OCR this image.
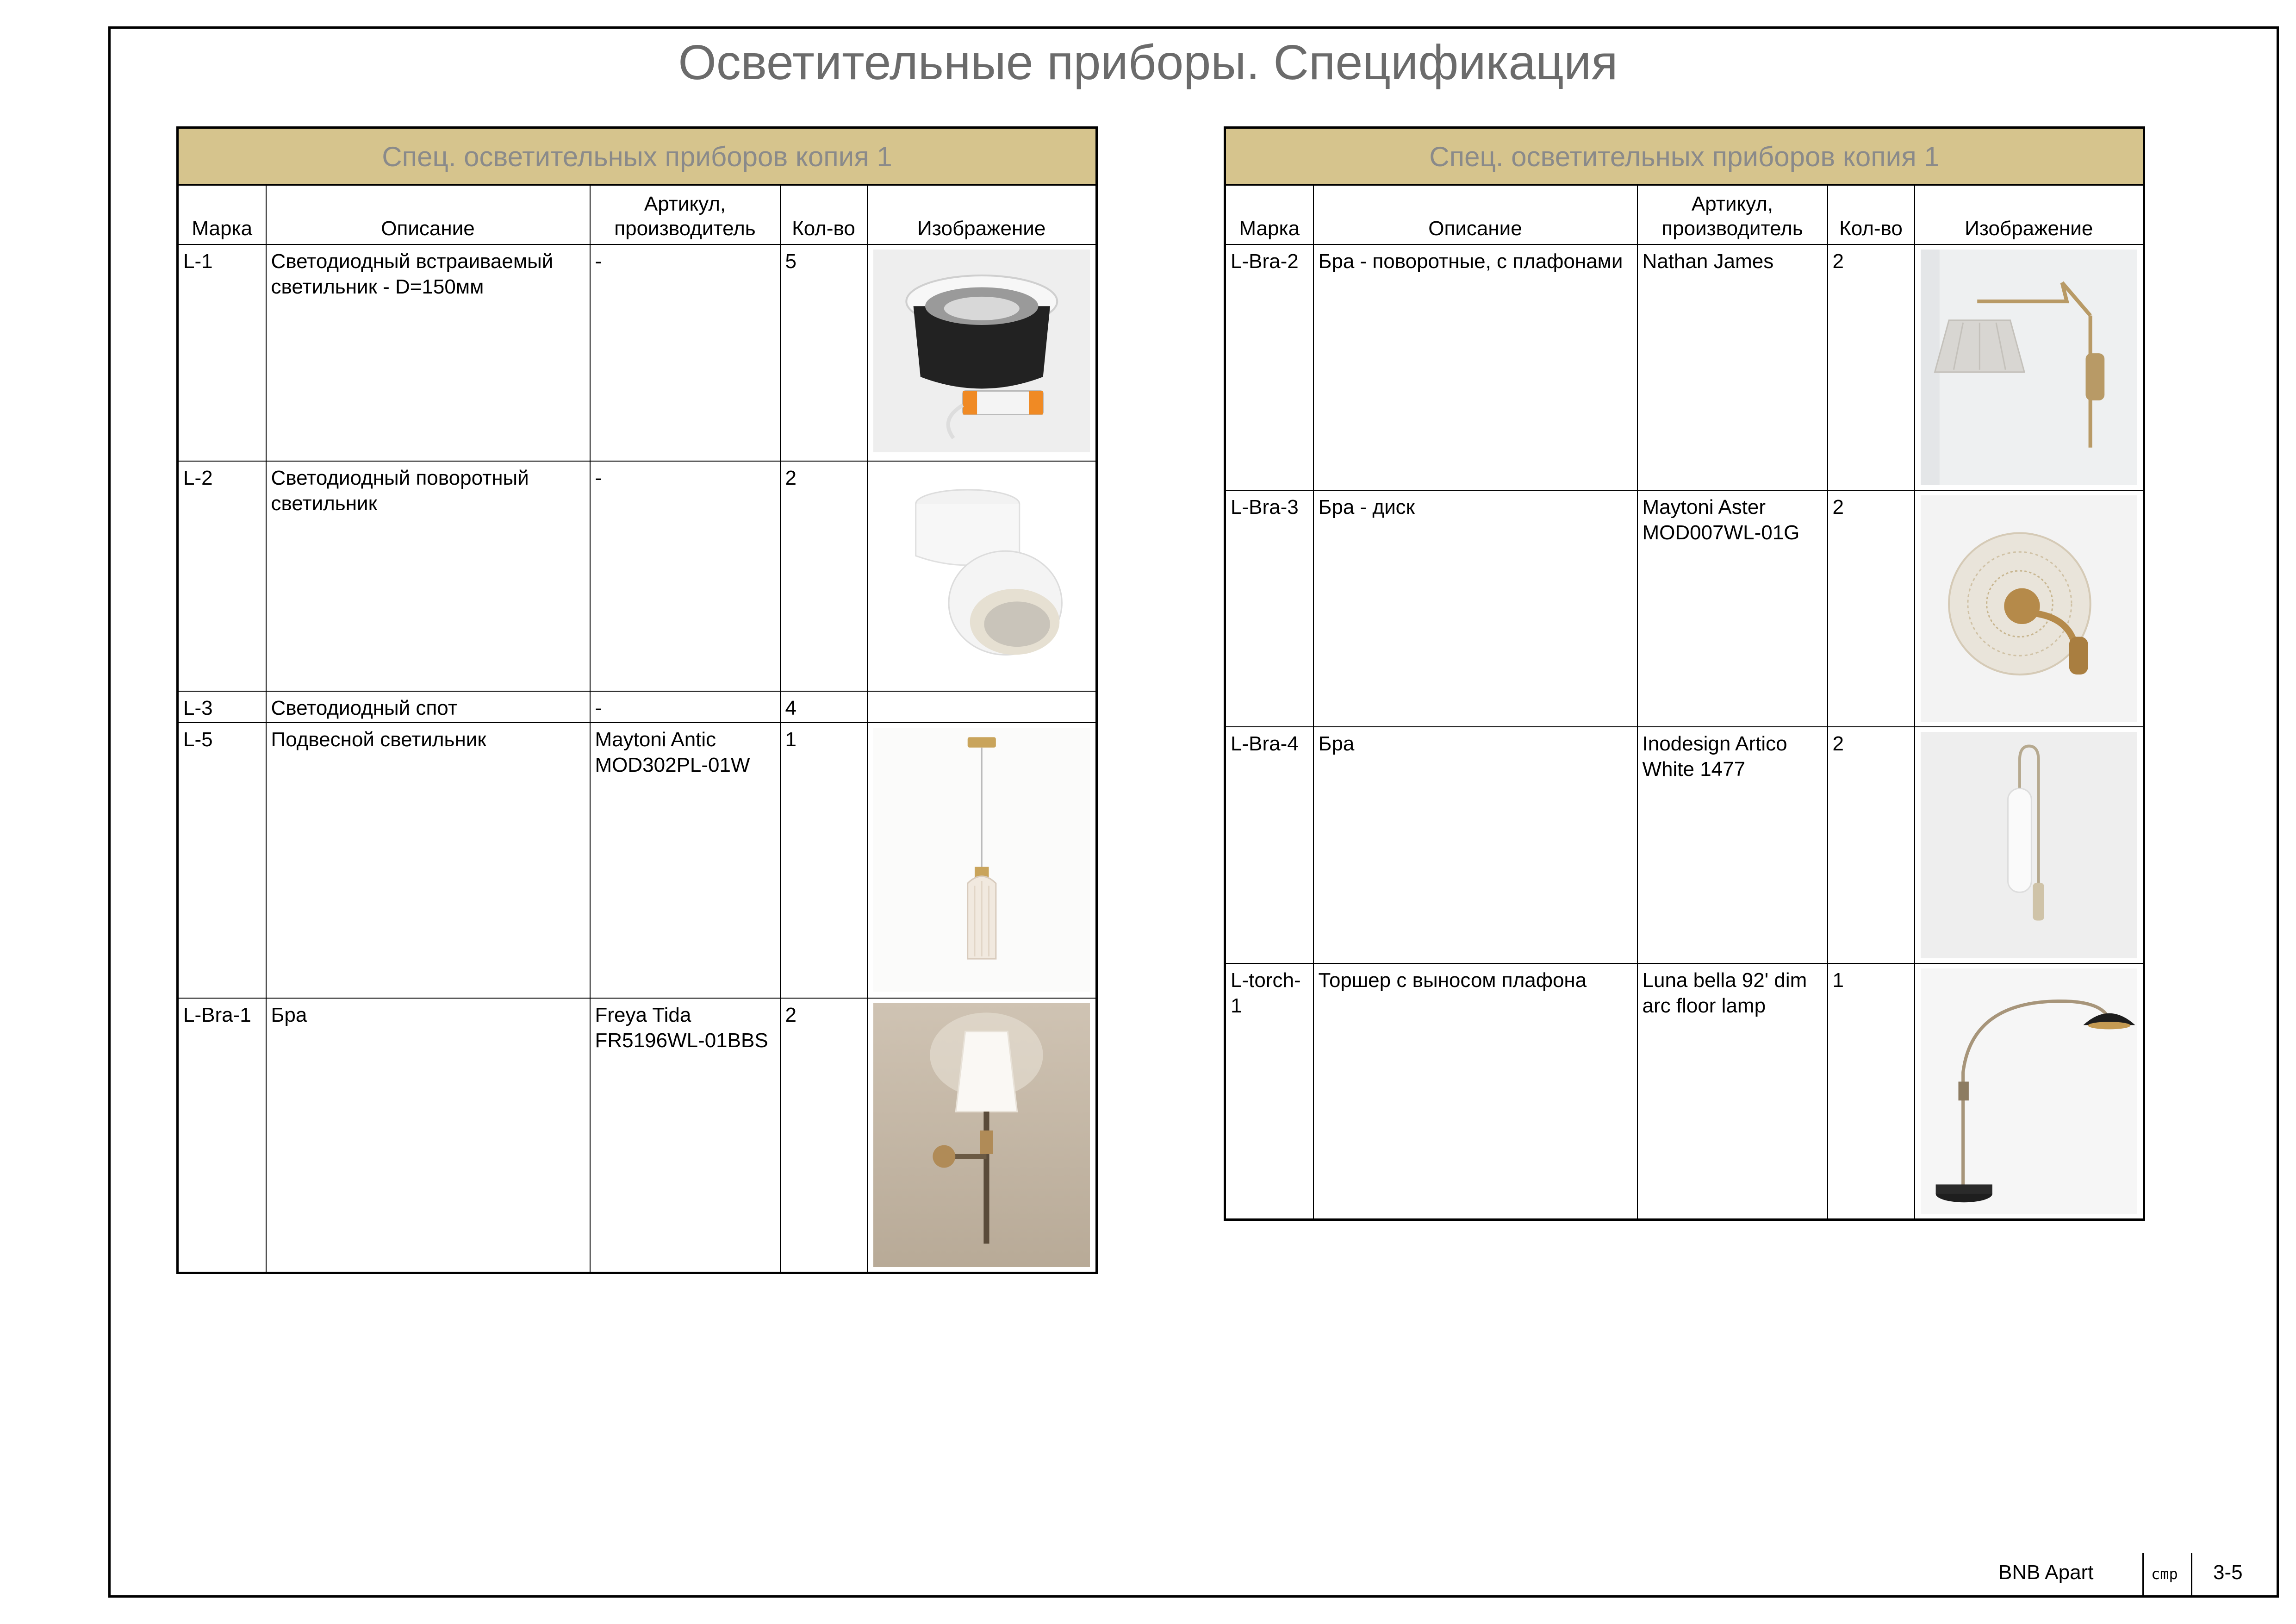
Осветительные приборы. Спецификация
Спец. осветительных приборов копия 1				
Марка	Описание	Артикул, производитель	Кол-во	Изображение
L-1	Светодиодный встраиваемый светильник - D=150мм	-	5	

L-2	Светодиодный поворотный светильник	-	2	

L-3	Светодиодный спот	-	4	
L-5	Подвесной светильник	Maytoni Antic MOD302PL-01W	1	

L-Bra-1	Бра	Freya Tida FR5196WL-01BBS	2	
Спец. осветительных приборов копия 1				
Марка	Описание	Артикул, производитель	Кол-во	Изображение
L-Bra-2	Бра - поворотные, с плафонами	Nathan James	2	

L-Bra-3	Бра - диск	Maytoni Aster MOD007WL-01G	2	

L-Bra-4	Бра	Inodesign Artico White 1477	2	

L-torch-1	Торшер с выносом плафона	Luna bella 92' dim arc floor lamp	1	
BNB Apart	cmp 3-5
